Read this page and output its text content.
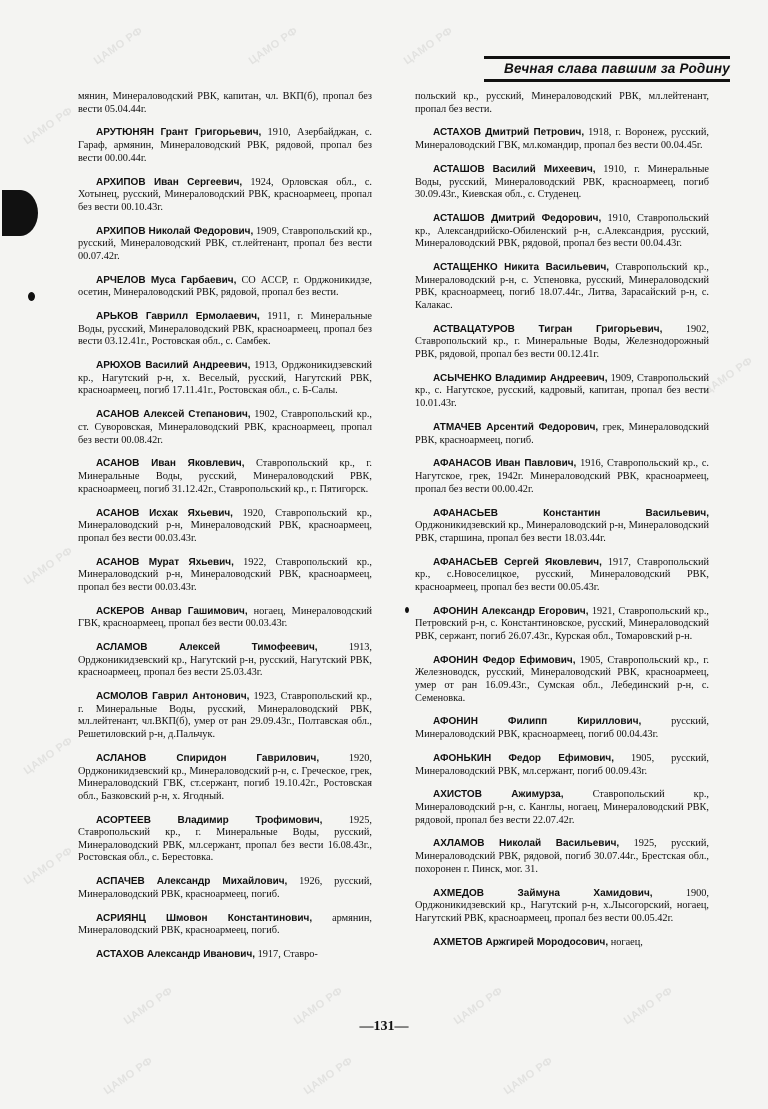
ЦАМО РФ	ЦАМО РФ	ЦАМО РФ
ЦАМО РФ
ЦАМО РФ
ЦАМО РФ
ЦАМО РФ
ЦАМО РФ
ЦАМО РФ	ЦАМО РФ	ЦАМО РФ	ЦАМО РФ
ЦАМО РФ	ЦАМО РФ	ЦАМО РФ
Вечная слава павшим за Родину

мянин, Минераловодский РВК, капитан, чл. ВКП(б), пропал без вести 05.04.44г.

АРУТЮНЯН Грант Григорьевич, 1910, Азербайджан, с. Гараф, армянин, Минераловодский РВК, рядовой, пропал без вести 00.00.44г.

АРХИПОВ Иван Сергеевич, 1924, Орловская обл., с. Хотынец, русский, Минераловодский РВК, красноармеец, пропал без вести 00.10.43г.

АРХИПОВ Николай Федорович, 1909, Ставропольский кр., русский, Минераловодский РВК, ст.лейтенант, пропал без вести 00.07.42г.

АРЧЕЛОВ Муса Гарбаевич, СО АССР, г. Орджоникидзе, осетин, Минераловодский РВК, рядовой, пропал без вести.

АРЬКОВ Гаврилл Ермолаевич, 1911, г. Минеральные Воды, русский, Минераловодский РВК, красноармеец, пропал без вести 03.12.41г., Ростовская обл., с. Самбек.

АРЮХОВ Василий Андреевич, 1913, Орджоникидзевский кр., Нагутский р-н, х. Веселый, русский, Нагутский РВК, красноармеец, погиб 17.11.41г., Ростовская обл., с. Б-Салы.

АСАНОВ Алексей Степанович, 1902, Ставропольский кр., ст. Суворовская, Минераловодский РВК, красноармеец, пропал без вести 00.08.42г.

АСАНОВ Иван Яковлевич, Ставропольский кр., г. Минеральные Воды, русский, Минераловодский РВК, красноармеец, погиб 31.12.42г., Ставропольский кр., г. Пятигорск.

АСАНОВ Исхак Яхьевич, 1920, Ставропольский кр., Минераловодский р-н, Минераловодский РВК, красноармеец, пропал без вести 00.03.43г.

АСАНОВ Мурат Яхьевич, 1922, Ставропольский кр., Минераловодский р-н, Минераловодский РВК, красноармеец, пропал без вести 00.03.43г.

АСКЕРОВ Анвар Гашимович, ногаец, Минераловодский ГВК, красноармеец, пропал без вести 00.03.43г.

АСЛАМОВ Алексей Тимофеевич, 1913, Орджоникидзевский кр., Нагутский р-н, русский, Нагутский РВК, красноармеец, пропал без вести 25.03.43г.

АСМОЛОВ Гаврил Антонович, 1923, Ставропольский кр., г. Минеральные Воды, русский, Минераловодский РВК, мл.лейтенант, чл.ВКП(б), умер от ран 29.09.43г., Полтавская обл., Решетиловский р-н, д.Пальчук.

АСЛАНОВ Спиридон Гаврилович, 1920, Орджоникидзевский кр., Минераловодский р-н, с. Греческое, грек, Минераловодский ГВК, ст.сержант, погиб 19.10.42г., Ростовская обл., Базковский р-н, х. Ягодный.

АСОРТЕЕВ Владимир Трофимович, 1925, Ставропольский кр., г. Минеральные Воды, русский, Минераловодский РВК, мл.сержант, пропал без вести 16.08.43г., Ростовская обл., с. Берестовка.

АСПАЧЕВ Александр Михайлович, 1926, русский, Минераловодский РВК, красноармеец, погиб.

АСРИЯНЦ Шмовон Константинович, армянин, Минераловодский РВК, красноармеец, погиб.

АСТАХОВ Александр Иванович, 1917, Ставро-

польский кр., русский, Минераловодский РВК, мл.лейтенант, пропал без вести.

АСТАХОВ Дмитрий Петрович, 1918, г. Воронеж, русский, Минераловодский ГВК, мл.командир, пропал без вести 00.04.45г.

АСТАШОВ Василий Михеевич, 1910, г. Минеральные Воды, русский, Минераловодский РВК, красноармеец, погиб 30.09.43г., Киевская обл., с. Студенец.

АСТАШОВ Дмитрий Федорович, 1910, Ставропольский кр., Александрийско-Обиленский р-н, с.Александрия, русский, Минераловодский РВК, рядовой, пропал без вести 00.04.43г.

АСТАЩЕНКО Никита Васильевич, Ставропольский кр., Минераловодский р-н, с. Успеновка, русский, Минераловодский РВК, красноармеец, погиб 18.07.44г., Литва, Зарасайский р-н, с. Калакас.

АСТВАЦАТУРОВ Тигран Григорьевич, 1902, Ставропольский кр., г. Минеральные Воды, Железнодорожный РВК, рядовой, пропал без вести 00.12.41г.

АСЫЧЕНКО Владимир Андреевич, 1909, Ставропольский кр., с. Нагутское, русский, кадровый, капитан, пропал без вести 10.01.43г.

АТМАЧЕВ Арсентий Федорович, грек, Минераловодский РВК, красноармеец, погиб.

АФАНАСОВ Иван Павлович, 1916, Ставропольский кр., с. Нагутское, грек, 1942г. Минераловодский РВК, красноармеец, пропал без вести 00.00.42г.

АФАНАСЬЕВ Константин Васильевич, Орджоникидзевский кр., Минераловодский р-н, Минераловодский РВК, старшина, пропал без вести 18.03.44г.

АФАНАСЬЕВ Сергей Яковлевич, 1917, Ставропольский кр., с.Новоселицкое, русский, Минераловодский РВК, красноармеец, пропал без вести 00.05.43г.

АФОНИН Александр Егорович, 1921, Ставропольский кр., Петровский р-н, с. Константиновское, русский, Минераловодский РВК, сержант, погиб 26.07.43г., Курская обл., Томаровский р-н.

АФОНИН Федор Ефимович, 1905, Ставропольский кр., г. Железноводск, русский, Минераловодский РВК, красноармеец, умер от ран 16.09.43г., Сумская обл., Лебединский р-н, с. Семеновка.

АФОНИН Филипп Кириллович, русский, Минераловодский РВК, красноармеец, погиб 00.04.43г.

АФОНЬКИН Федор Ефимович, 1905, русский, Минераловодский РВК, мл.сержант, погиб 00.09.43г.

АХИСТОВ Ажимурза, Ставропольский кр., Минераловодский р-н, с. Канглы, ногаец, Минераловодский РВК, рядовой, пропал без вести 22.07.42г.

АХЛАМОВ Николай Васильевич, 1925, русский, Минераловодский РВК, рядовой, погиб 30.07.44г., Брестская обл., похоронен г. Пинск, мог. 31.

АХМЕДОВ Займуна Хамидович, 1900, Орджоникидзевский кр., Нагутский р-н, х.Лысогорский, ногаец, Нагутский РВК, красноармеец, пропал без вести 00.05.42г.

АХМЕТОВ Аржгирей Мородосович, ногаец,

—131—
